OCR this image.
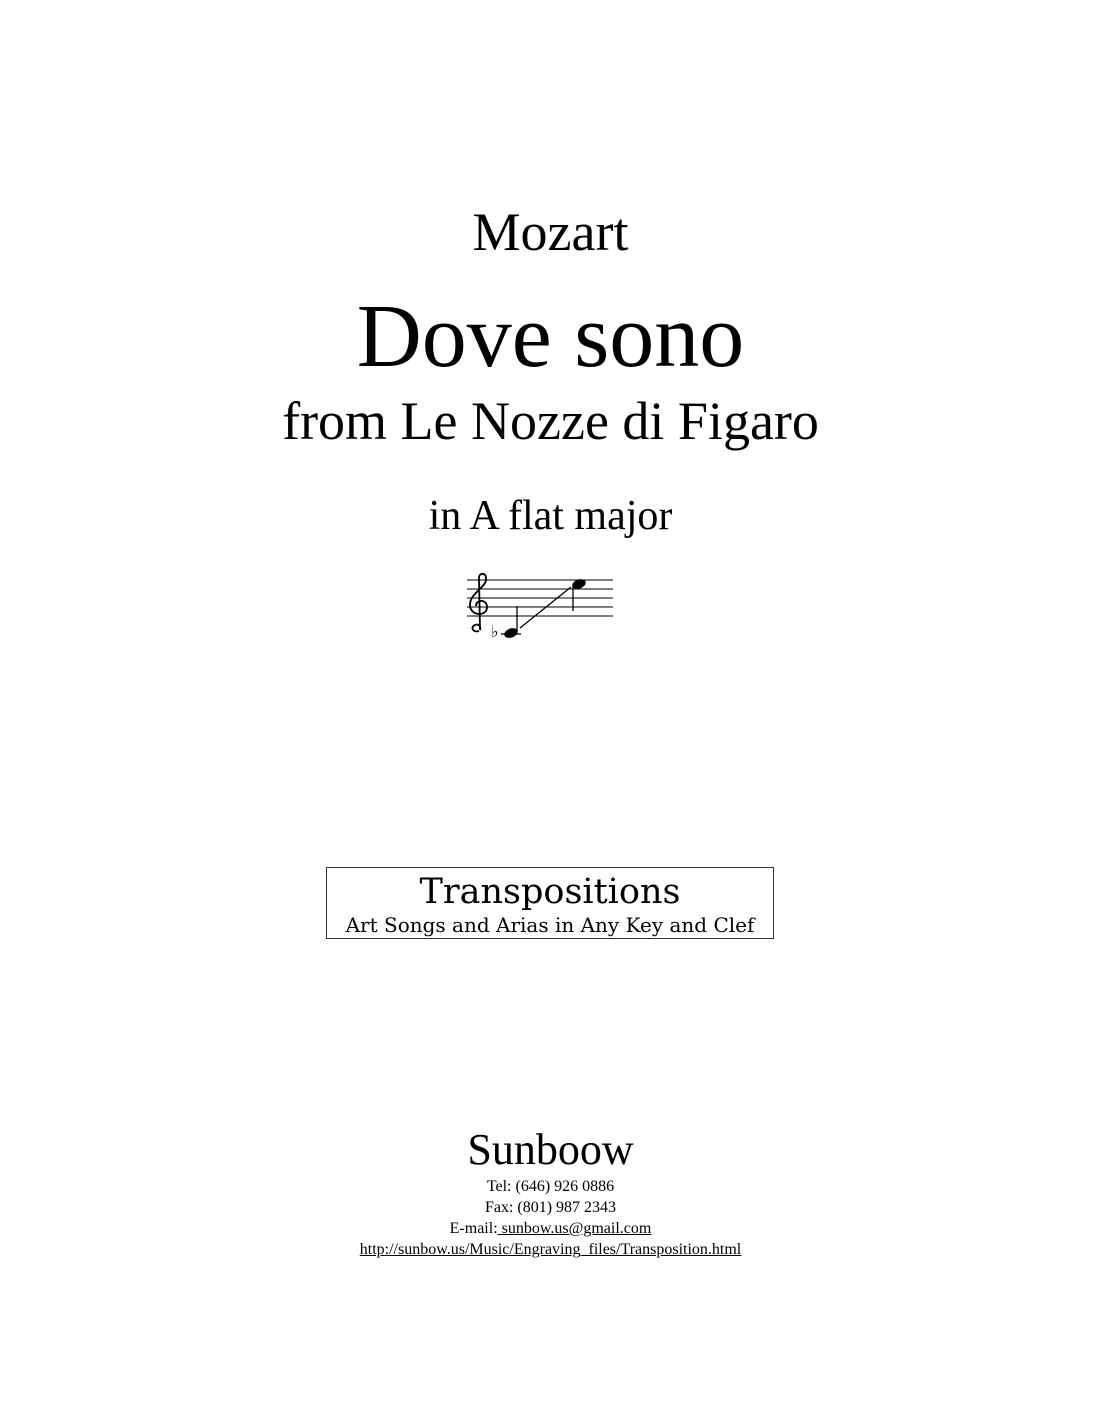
Mozart
Dove sono
from Le Nozze di Figaro
in A flat major
♭
Transpositions
Art Songs and Arias in Any Key and Clef
Sunboow
Tel: (646) 926 0886
Fax: (801) 987 2343
E-mail: sunbow.us@gmail.com
http://sunbow.us/Music/Engraving_files/Transposition.html
